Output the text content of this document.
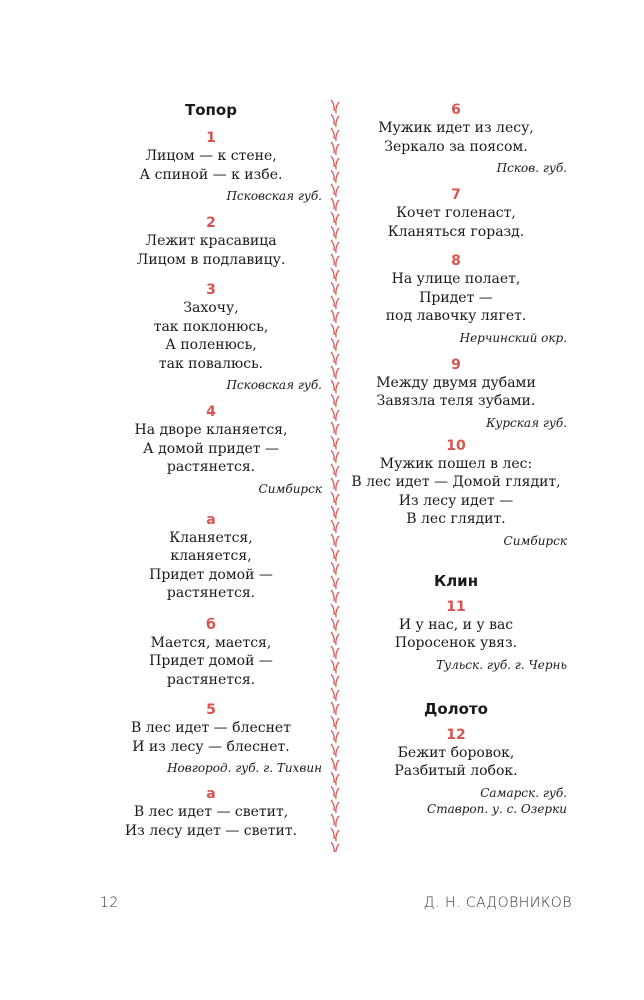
Топор
1
Лицом — к стене,
А спиной — к избе.
Псковская губ.
2
Лежит красавица
Лицом в подлавицу.
3
Захочу,
так поклонюсь,
А поленюсь,
так повалюсь.
Псковская губ.
4
На дворе кланяется,
А домой придет —
растянется.
Симбирск
а
Кланяется,
кланяется,
Придет домой —
растянется.
б
Мается, мается,
Придет домой —
растянется.
5
В лес идет — блеснет
И из лесу — блеснет.
Новгород. губ. г. Тихвин
а
В лес идет — светит,
Из лесу идет — светит.
6
Мужик идет из лесу,
Зеркало за поясом.
Псков. губ.
7
Кочет голенаст,
Кланяться горазд.
8
На улице полает,
Придет —
под лавочку лягет.
Нерчинский окр.
9
Между двумя дубами
Завязла теля зубами.
Курская губ.
10
Мужик пошел в лес:
В лес идет — Домой глядит,
Из лесу идет —
В лес глядит.
Симбирск
Клин
11
И у нас, и у вас
Поросенок увяз.
Тульск. губ. г. Чернь
Долото
12
Бежит боровок,
Разбитый лобок.
Самарск. губ.
Ставроп. у. с. Озерки
12	Д. Н. САДОВНИКОВ
